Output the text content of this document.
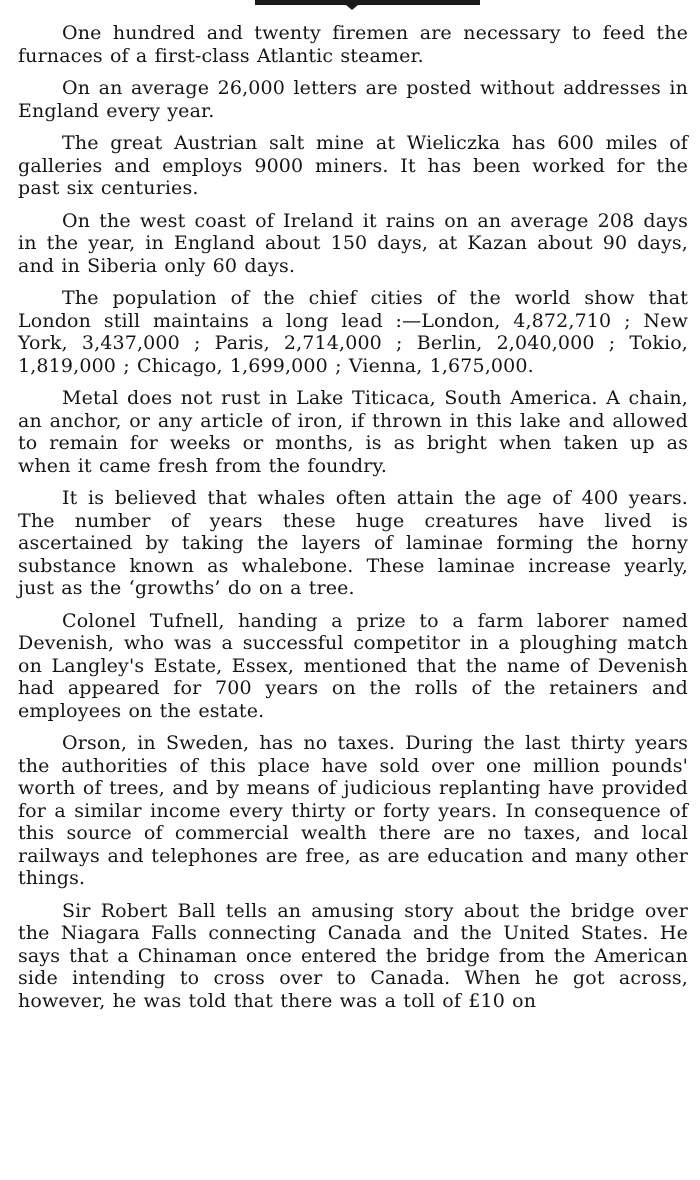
One hundred and twenty firemen are necessary to feed the furnaces of a first-class Atlantic steamer.

On an average 26,000 letters are posted without addresses in England every year.

The great Austrian salt mine at Wieliczka has 600 miles of galleries and employs 9000 miners. It has been worked for the past six centuries.

On the west coast of Ireland it rains on an average 208 days in the year, in England about 150 days, at Kazan about 90 days, and in Siberia only 60 days.

The population of the chief cities of the world show that London still maintains a long lead :—London, 4,872,710 ; New York, 3,437,000 ; Paris, 2,714,000 ; Berlin, 2,040,000 ; Tokio, 1,819,000 ; Chicago, 1,699,000 ; Vienna, 1,675,000.

Metal does not rust in Lake Titicaca, South America. A chain, an anchor, or any article of iron, if thrown in this lake and allowed to remain for weeks or months, is as bright when taken up as when it came fresh from the foundry.

It is believed that whales often attain the age of 400 years. The number of years these huge creatures have lived is ascertained by taking the layers of laminae forming the horny substance known as whalebone. These laminae increase yearly, just as the ‘growths’ do on a tree.

Colonel Tufnell, handing a prize to a farm laborer named Devenish, who was a successful competitor in a ploughing match on Langley's Estate, Essex, mentioned that the name of Devenish had appeared for 700 years on the rolls of the retainers and employees on the estate.

Orson, in Sweden, has no taxes. During the last thirty years the authorities of this place have sold over one million pounds' worth of trees, and by means of judicious replanting have provided for a similar income every thirty or forty years. In consequence of this source of commercial wealth there are no taxes, and local railways and telephones are free, as are education and many other things.

Sir Robert Ball tells an amusing story about the bridge over the Niagara Falls connecting Canada and the United States. He says that a Chinaman once entered the bridge from the American side intending to cross over to Canada. When he got across, however, he was told that there was a toll of £10 on
